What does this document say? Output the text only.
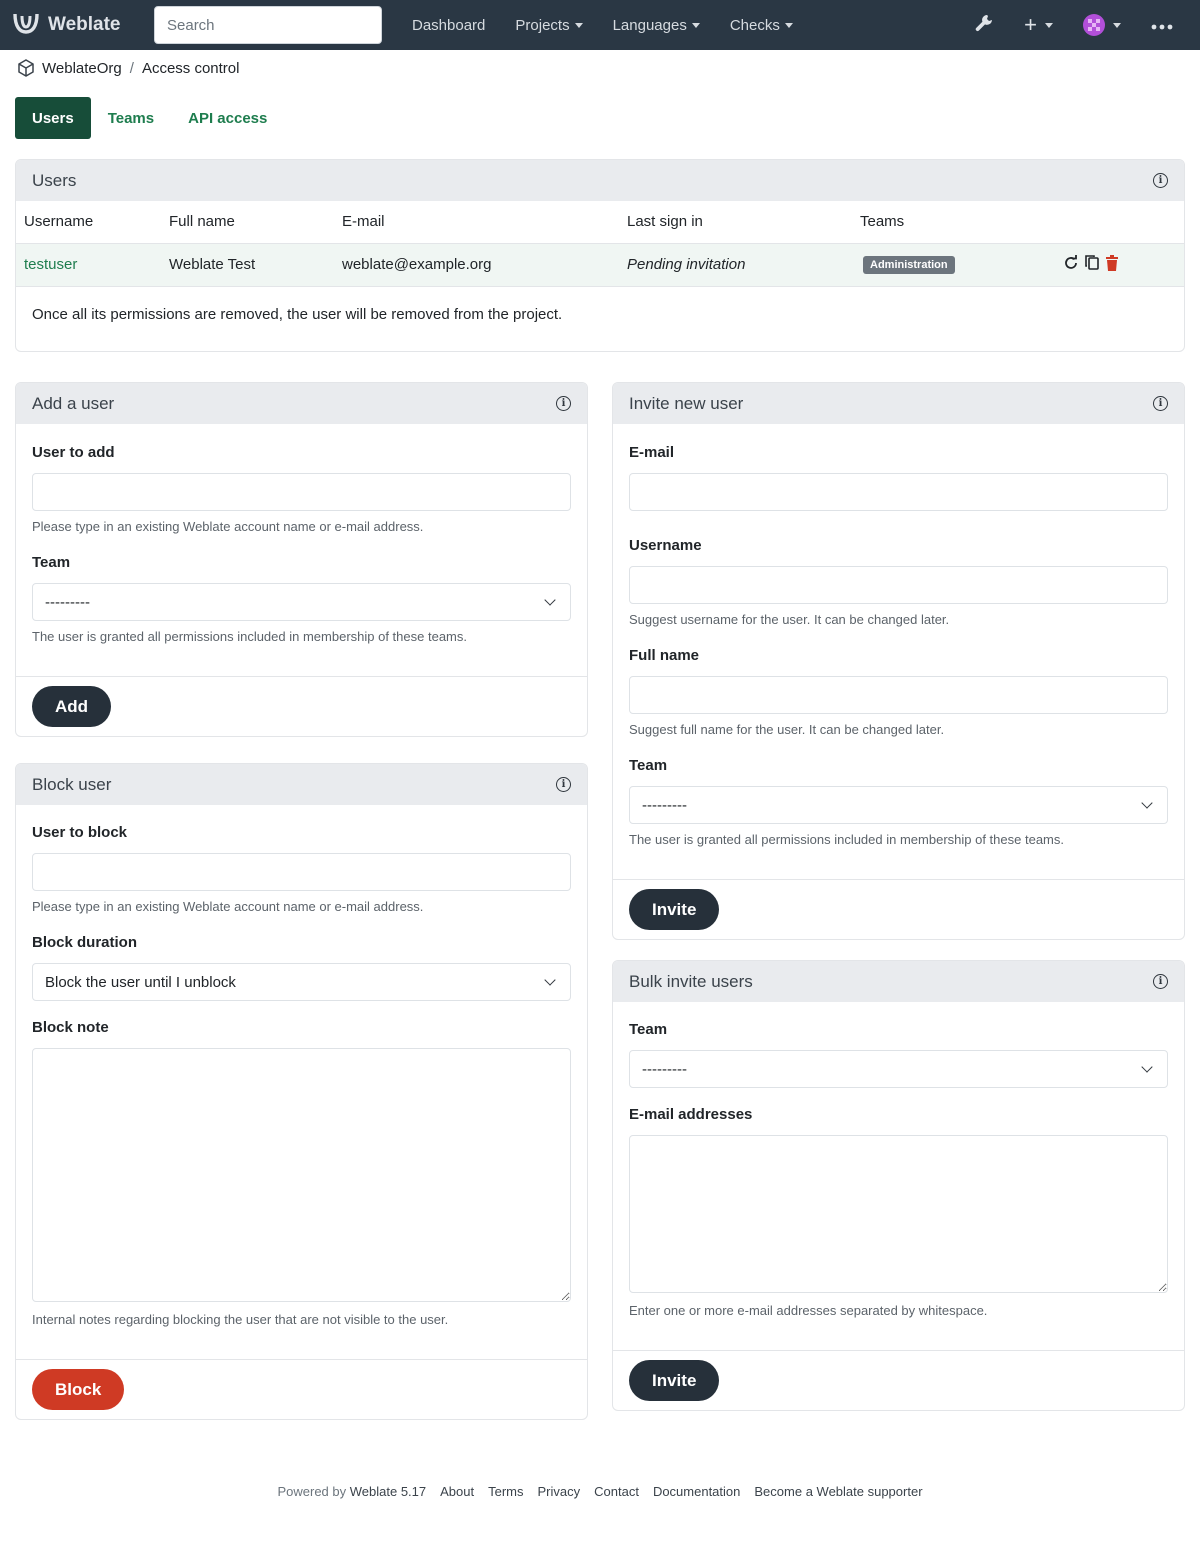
Weblate
Search	Dashboard Projects	Languages	Checks	+
WeblateOrg / Access control
Users	Teams	API access
Users	i
Username	Full name	E-mail	Last sign in	Teams	
testuser	Weblate Test	weblate@example.org	Pending invitation	Administration	
Once all its permissions are removed, the user will be removed from the project.
Add a user	i
User to add
Please type in an existing Weblate account name or e-mail address.
Team
---------
The user is granted all permissions included in membership of these teams.
Add
Block user	i
User to block
Please type in an existing Weblate account name or e-mail address.
Block duration
Block the user until I unblock
Block note
Internal notes regarding blocking the user that are not visible to the user.
Block
Invite new user	i
E-mail
Username
Suggest username for the user. It can be changed later.
Full name
Suggest full name for the user. It can be changed later.
Team
---------
The user is granted all permissions included in membership of these teams.
Invite
Bulk invite users	i
Team
---------
E-mail addresses
Enter one or more e-mail addresses separated by whitespace.
Invite
Powered by Weblate 5.17 About Terms Privacy Contact Documentation Become a Weblate supporter
